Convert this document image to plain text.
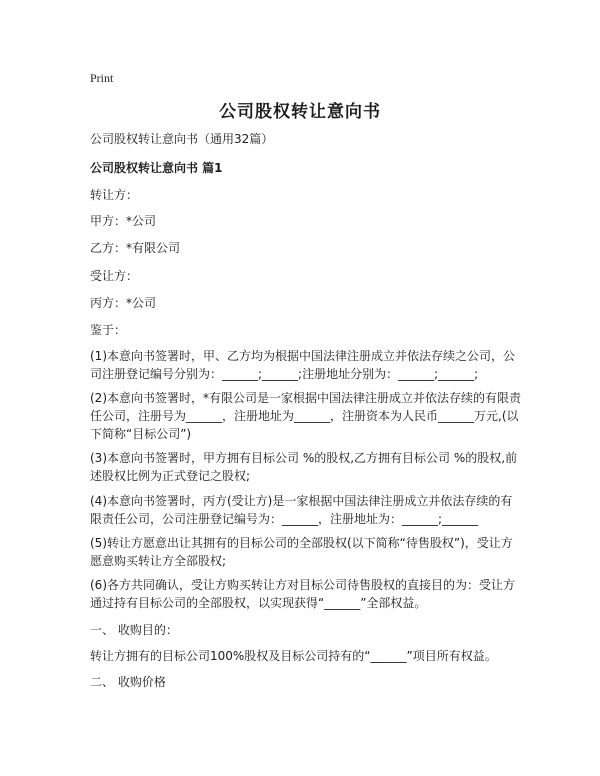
Print
公司股权转让意向书
公司股权转让意向书（通用32篇）
公司股权转让意向书 篇1
转让方：
甲方：*公司
乙方：*有限公司
受让方：
丙方：*公司
鉴于：
(1)本意向书签署时，甲、乙方均为根据中国法律注册成立并依法存续之公司，公司注册登记编号分别为：______;______;注册地址分别为：______;______;
(2)本意向书签署时，*有限公司是一家根据中国法律注册成立并依法存续的有限责任公司，注册号为______，注册地址为______，注册资本为人民币______万元,(以下简称“目标公司”)
(3)本意向书签署时，甲方拥有目标公司 %的股权,乙方拥有目标公司 %的股权,前述股权比例为正式登记之股权;
(4)本意向书签署时，丙方(受让方)是一家根据中国法律注册成立并依法存续的有限责任公司，公司注册登记编号为：______，注册地址为：______;______
(5)转让方愿意出让其拥有的目标公司的全部股权(以下简称“待售股权”)，受让方愿意购买转让方全部股权;
(6)各方共同确认，受让方购买转让方对目标公司待售股权的直接目的为：受让方通过持有目标公司的全部股权，以实现获得“______”全部权益。
一、 收购目的：
转让方拥有的目标公司100%股权及目标公司持有的“______”项目所有权益。
二、 收购价格
